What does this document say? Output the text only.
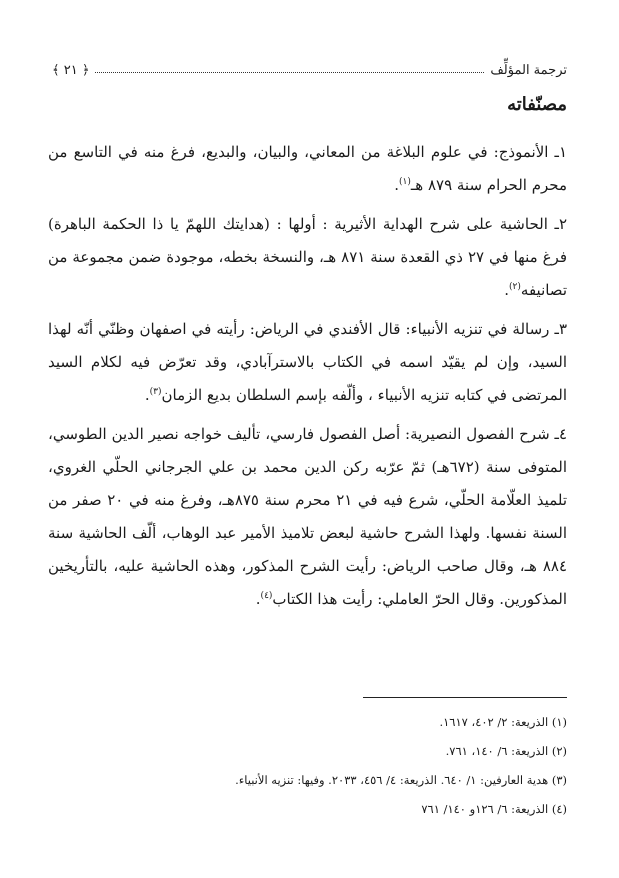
ترجمة المؤلِّف
﴿ ٢١ ﴾
مصنّفاته

١ـ الأنموذج: في علوم البلاغة من المعاني، والبيان، والبديع، فرغ منه في التاسع من محرم الحرام سنة ٨٧٩ هـ$^{(١)}$.

٢ـ الحاشية على شرح الهداية الأثيرية : أولها : (هدايتك اللهمّ يا ذا الحكمة الباهرة) فرغ منها في ٢٧ ذي القعدة سنة ٨٧١ هـ، والنسخة بخطه، موجودة ضمن مجموعة من تصانيفه$^{(٢)}$.

٣ـ رسالة في تنزيه الأنبياء: قال الأفندي في الرياض: رأيته في اصفهان وظنّي أنّه لهذا السيد، وإن لم يقيّد اسمه في الكتاب بالاسترآبادي، وقد تعرّض فيه لكلام السيد المرتضى في كتابه تنزيه الأنبياء ، وألّفه بإسم السلطان بديع الزمان$^{(٣)}$.

٤ـ شرح الفصول النصيرية: أصل الفصول فارسي، تأليف خواجه نصير الدين الطوسي، المتوفى سنة (٦٧٢هـ) ثمّ عرّبه ركن الدين محمد بن علي الجرجاني الحلّي الغروي، تلميذ العلّامة الحلّي، شرع فيه في ٢١ محرم سنة ٨٧٥هـ، وفرغ منه في ٢٠ صفر من السنة نفسها. ولهذا الشرح حاشية لبعض تلاميذ الأمير عبد الوهاب، ألّف الحاشية سنة ٨٨٤ هـ، وقال صاحب الرياض: رأيت الشرح المذكور، وهذه الحاشية عليه، بالتأريخين المذكورين. وقال الحرّ العاملي: رأيت هذا الكتاب$^{(٤)}$.

(١) الذريعة: ٢/ ٤٠٢، ١٦١٧.
(٢) الذريعة: ٦/ ١٤٠، ٧٦١.
(٣) هدية العارفين: ١/ ٦٤٠. الذريعة: ٤/ ٤٥٦، ٢٠٣٣. وفيها: تنزيه الأنبياء.
(٤) الذريعة: ٦/ ١٢٦و ١٤٠/ ٧٦١
